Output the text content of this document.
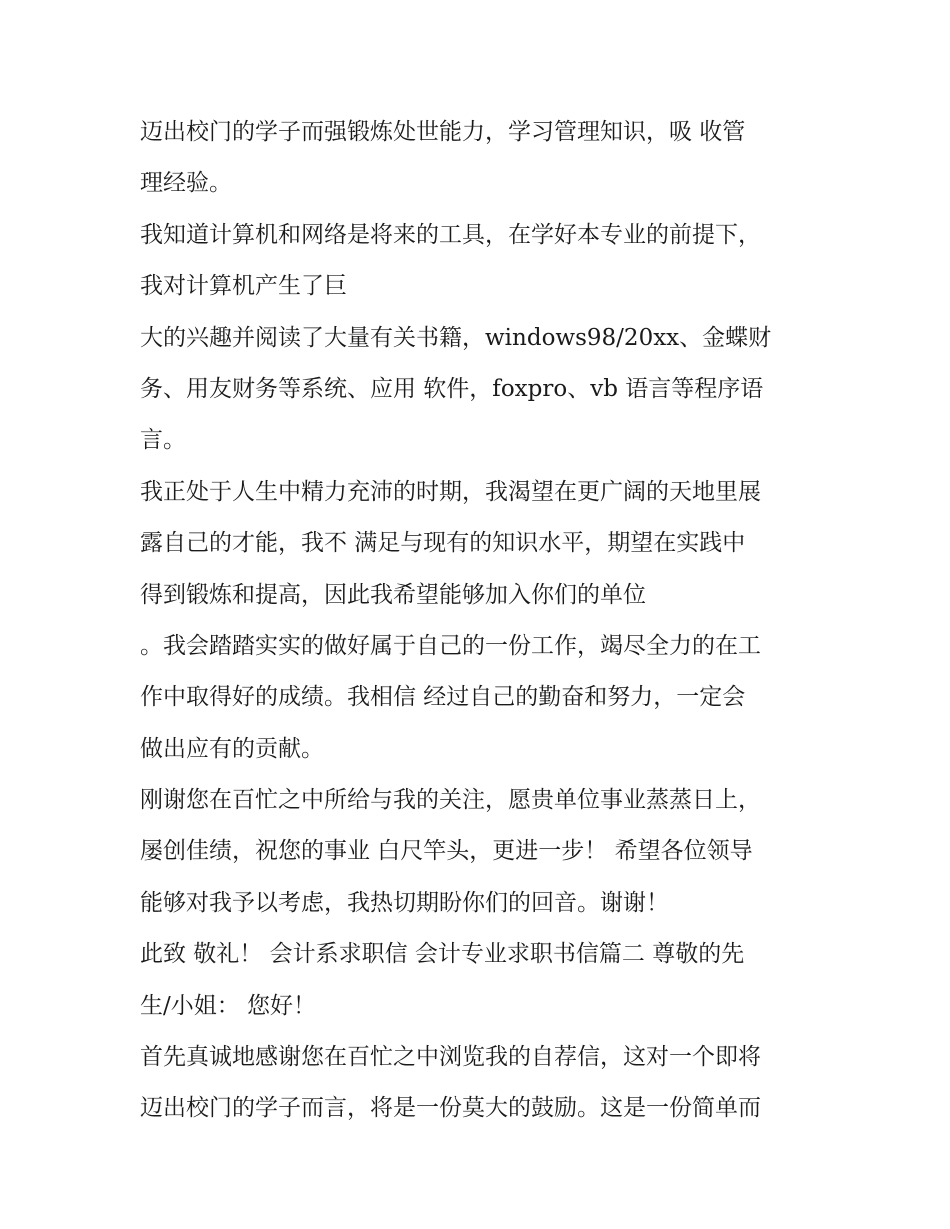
迈出校门的学子而强锻炼处世能力，学习管理知识，吸 收管

理经验。

我知道计算机和网络是将来的工具，在学好本专业的前提下，

我对计算机产生了巨

大的兴趣并阅读了大量有关书籍，windows98/20xx、金蝶财

务、用友财务等系统、应用 软件，foxpro、vb 语言等程序语

言。

我正处于人生中精力充沛的时期，我渴望在更广阔的天地里展

露自己的才能，我不 满足与现有的知识水平，期望在实践中

得到锻炼和提高，因此我希望能够加入你们的单位

。我会踏踏实实的做好属于自己的一份工作，竭尽全力的在工

作中取得好的成绩。我相信 经过自己的勤奋和努力，一定会

做出应有的贡献。

刚谢您在百忙之中所给与我的关注，愿贵单位事业蒸蒸日上，

屡创佳绩，祝您的事业 白尺竿头，更进一步！ 希望各位领导

能够对我予以考虑，我热切期盼你们的回音。谢谢！

此致 敬礼！ 会计系求职信 会计专业求职书信篇二 尊敬的先

生/小姐： 您好！

首先真诚地感谢您在百忙之中浏览我的自荐信，这对一个即将

迈出校门的学子而言，将是一份莫大的鼓励。这是一份简单而
